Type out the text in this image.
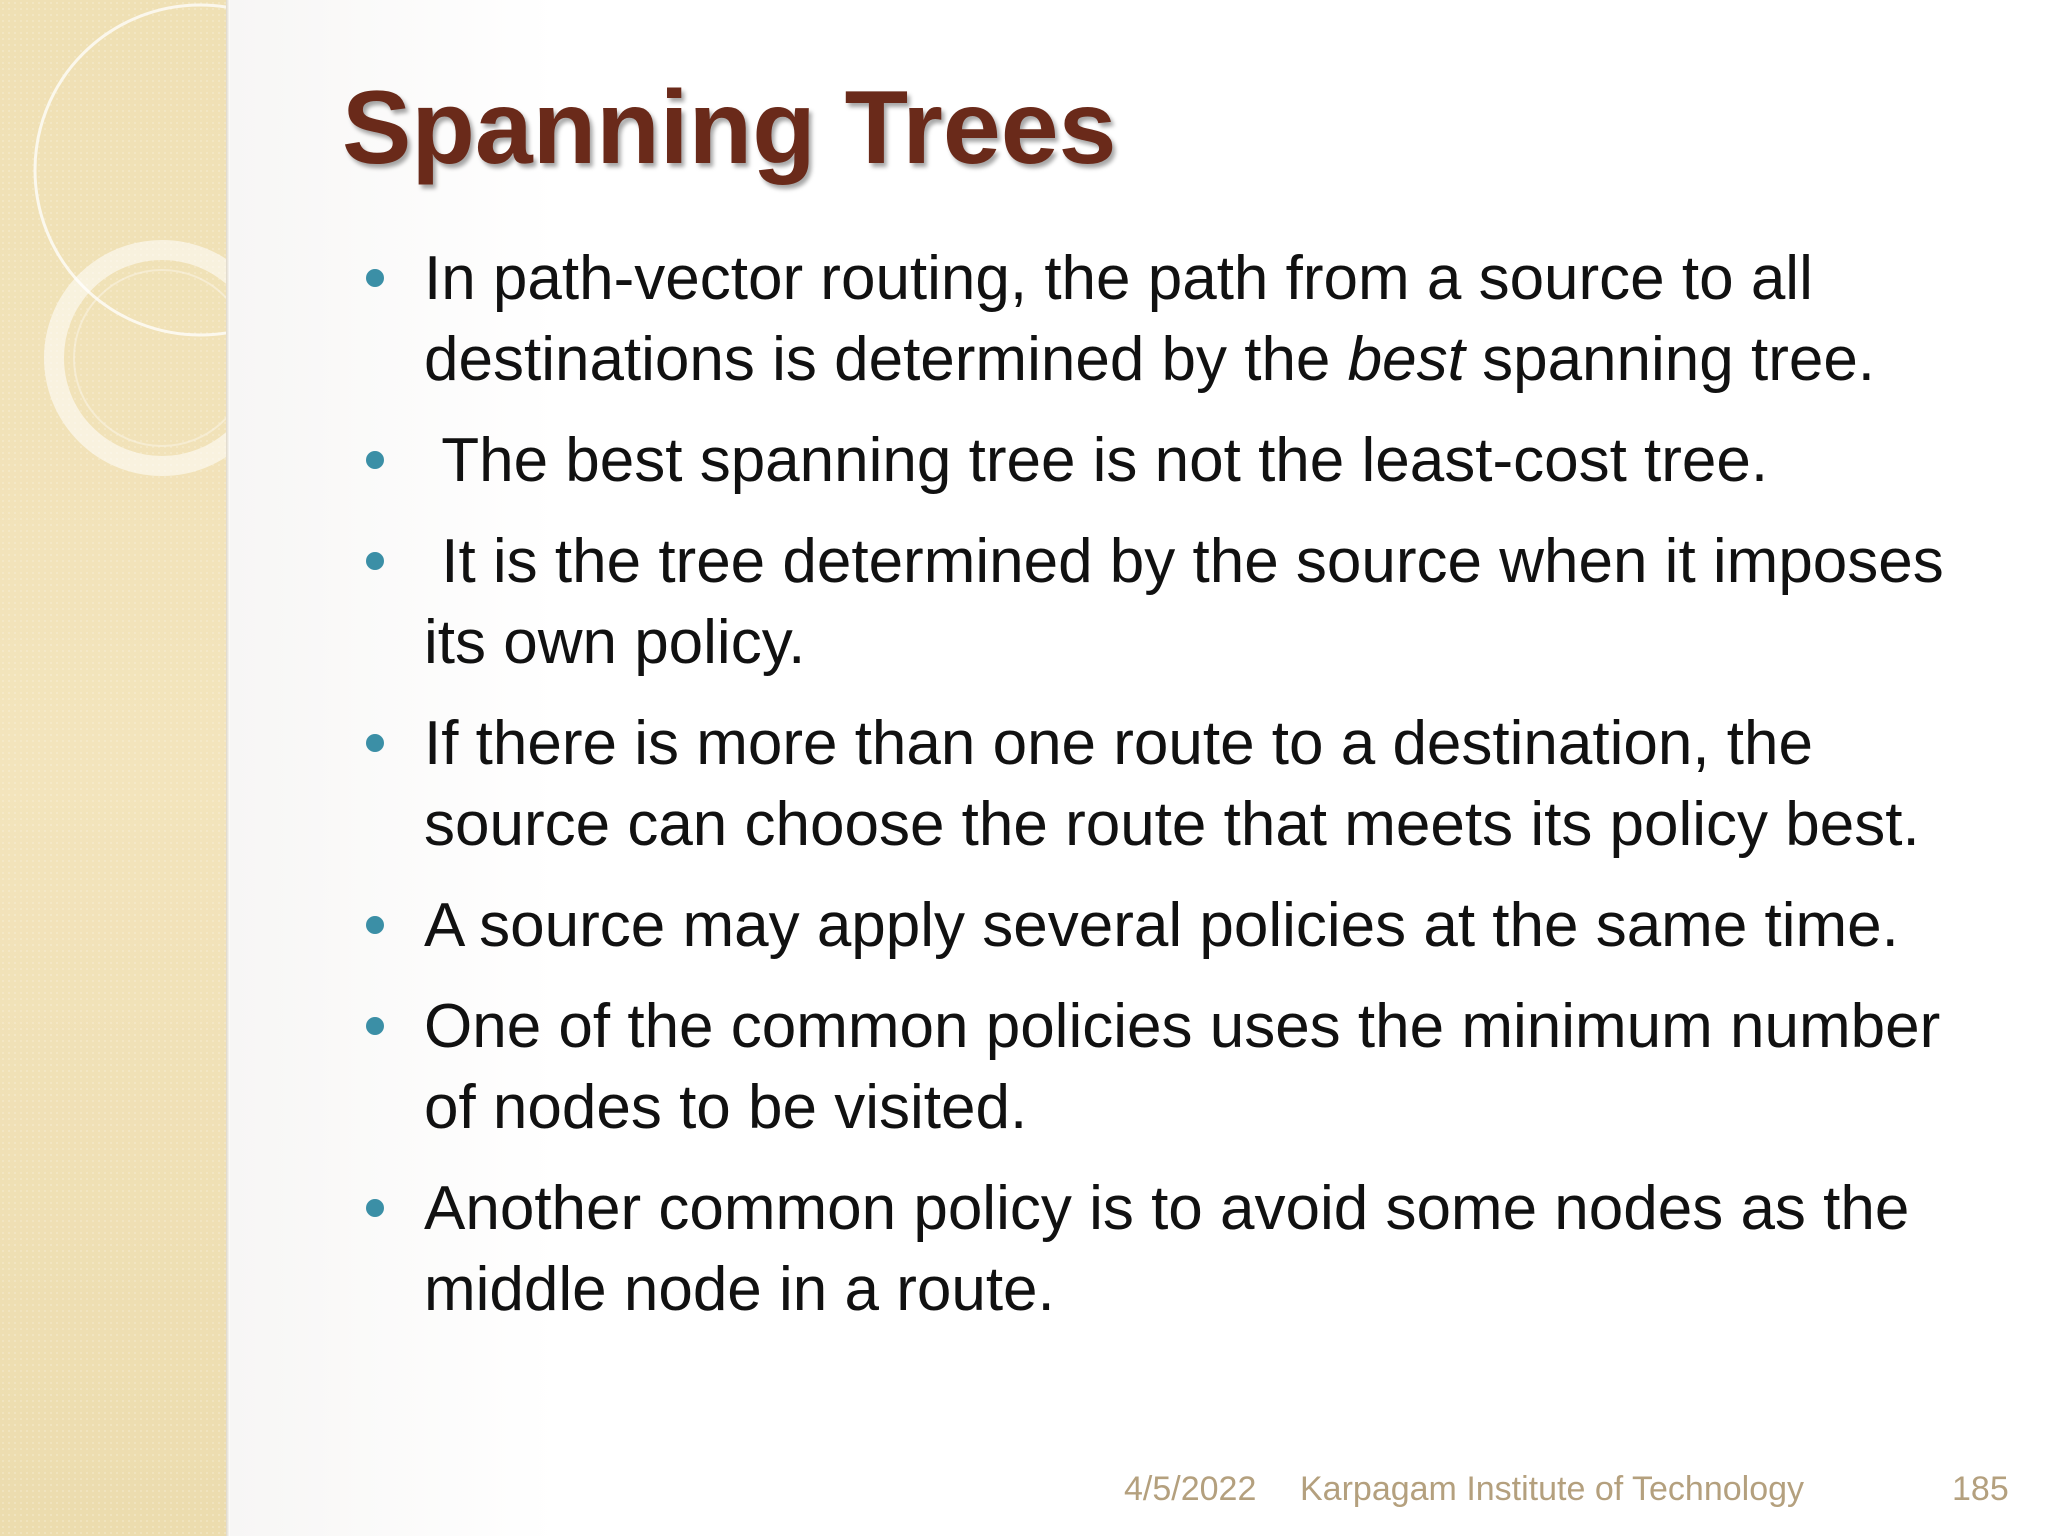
Spanning Trees
In path-vector routing, the path from a source to all destinations is determined by the best spanning tree.
The best spanning tree is not the least-cost tree.
It is the tree determined by the source when it imposes its own policy.
If there is more than one route to a destination, the source can choose the route that meets its policy best.
A source may apply several policies at the same time.
One of the common policies uses the minimum number of nodes to be visited.
Another common policy is to avoid some nodes as the middle node in a route.
4/5/2022 Karpagam Institute of Technology	185
